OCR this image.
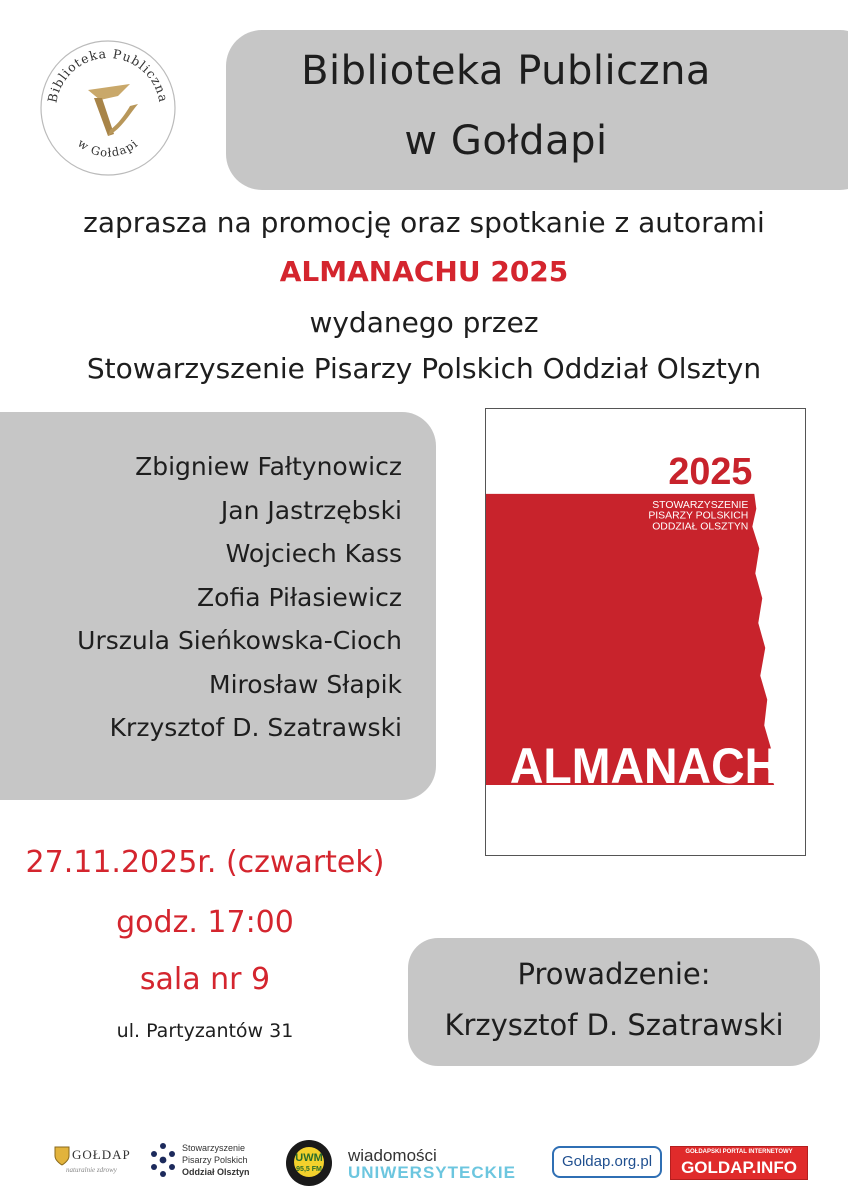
Biblioteka Publiczna
w Gołdapi
Biblioteka Publiczna
w Gołdapi
zaprasza na promocję oraz spotkanie z autorami
ALMANACHU 2025
wydanego przez
Stowarzyszenie Pisarzy Polskich Oddział Olsztyn
Zbigniew Fałtynowicz
Jan Jastrzębski
Wojciech Kass
Zofia Piłasiewicz
Urszula Sieńkowska-Cioch
Mirosław Słapik
Krzysztof D. Szatrawski
2025
STOWARZYSZENIE
PISARZY POLSKICH
ODDZIAŁ OLSZTYN
ALMANACH
27.11.2025r. (czwartek)
godz. 17:00
sala nr 9
ul. Partyzantów 31
Prowadzenie:
Krzysztof D. Szatrawski
GOŁDAP
naturalnie zdrowy
Stowarzyszenie
Pisarzy Polskich
Oddział Olsztyn
UWM
95,5 FM
wiadomości
UNIWERSYTECKIE
Goldap.org.pl
GOŁDAPSKI PORTAL INTERNETOWY
GOLDAP.INFO
